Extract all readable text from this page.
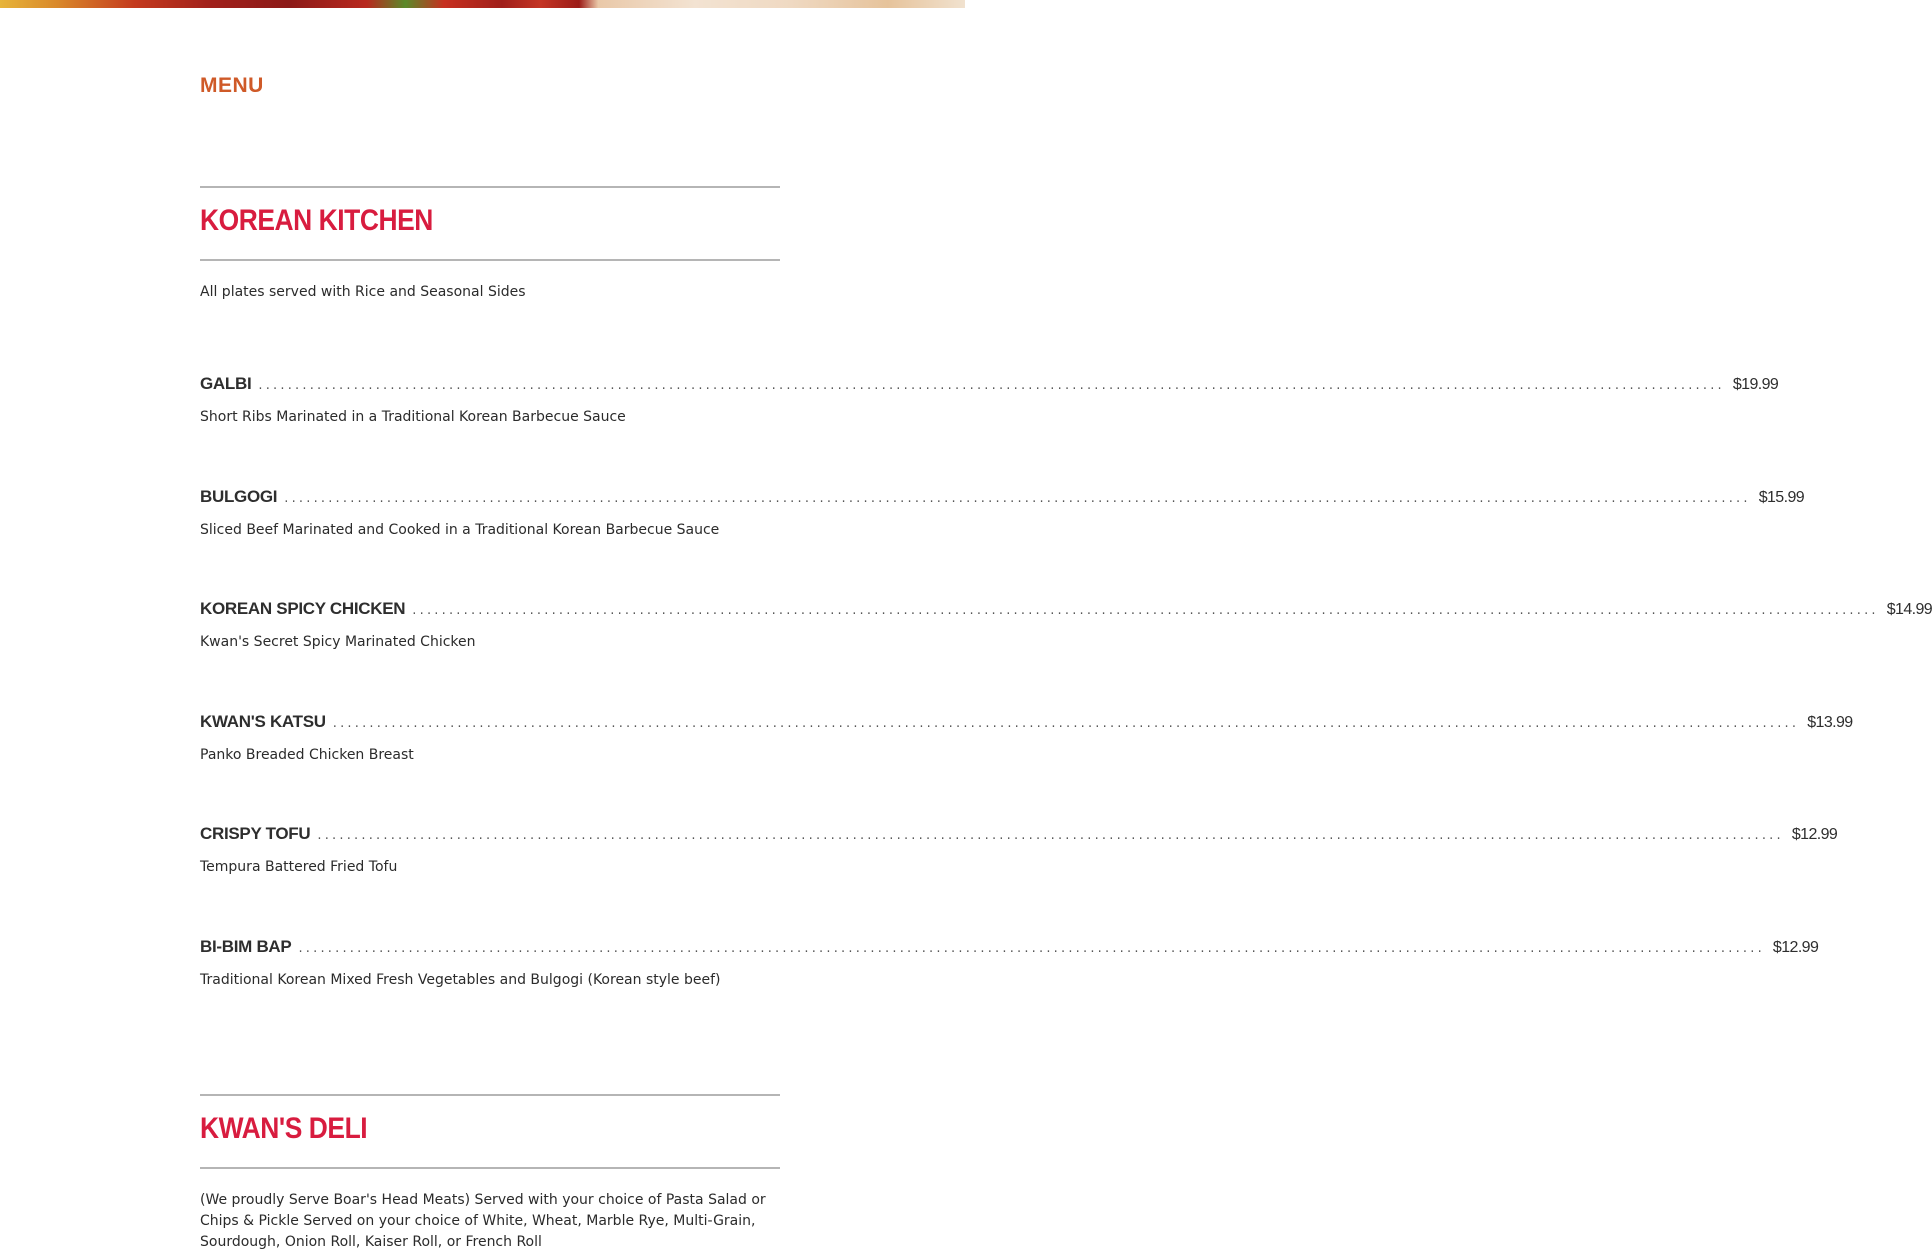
MENU
KOREAN KITCHEN

All plates served with Rice and Seasonal Sides

GALBI ........................................................................................................................................................................................................ $19.99

Short Ribs Marinated in a Traditional Korean Barbecue Sauce

BULGOGI ........................................................................................................................................................................................................ $15.99

Sliced Beef Marinated and Cooked in a Traditional Korean Barbecue Sauce

KOREAN SPICY CHICKEN ........................................................................................................................................................................................................ $14.99

Kwan's Secret Spicy Marinated Chicken

KWAN'S KATSU ........................................................................................................................................................................................................ $13.99

Panko Breaded Chicken Breast

CRISPY TOFU ........................................................................................................................................................................................................ $12.99

Tempura Battered Fried Tofu

BI-BIM BAP ........................................................................................................................................................................................................ $12.99

Traditional Korean Mixed Fresh Vegetables and Bulgogi (Korean style beef)

KWAN'S DELI

(We proudly Serve Boar's Head Meats) Served with your choice of Pasta Salad or Chips & Pickle Served on your choice of White, Wheat, Marble Rye, Multi-Grain, Sourdough, Onion Roll, Kaiser Roll, or French Roll
